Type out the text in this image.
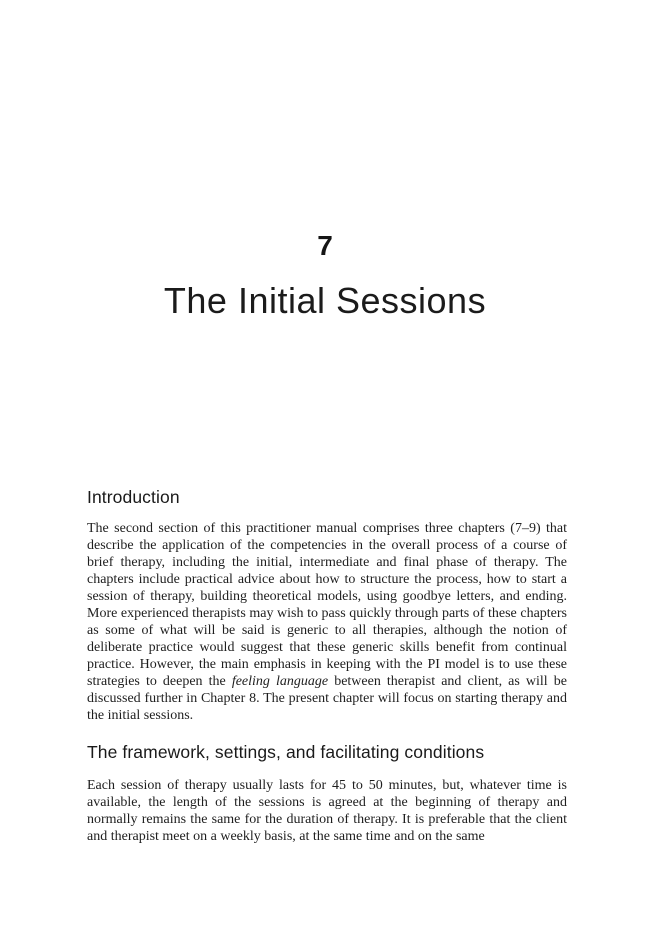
7
The Initial Sessions
Introduction

The second section of this practitioner manual comprises three chapters (7–9) that describe the application of the competencies in the overall process of a course of brief therapy, including the initial, intermediate and final phase of therapy. The chapters include practical advice about how to structure the process, how to start a session of therapy, building theoretical models, using goodbye letters, and ending. More experienced therapists may wish to pass quickly through parts of these chapters as some of what will be said is generic to all therapies, although the notion of deliberate practice would suggest that these generic skills benefit from continual practice. However, the main emphasis in keeping with the PI model is to use these strategies to deepen the feeling language between therapist and client, as will be discussed further in Chapter 8. The present chapter will focus on starting therapy and the initial sessions.

The framework, settings, and facilitating conditions

Each session of therapy usually lasts for 45 to 50 minutes, but, whatever time is available, the length of the sessions is agreed at the beginning of therapy and normally remains the same for the duration of therapy. It is preferable that the client and therapist meet on a weekly basis, at the same time and on the same
